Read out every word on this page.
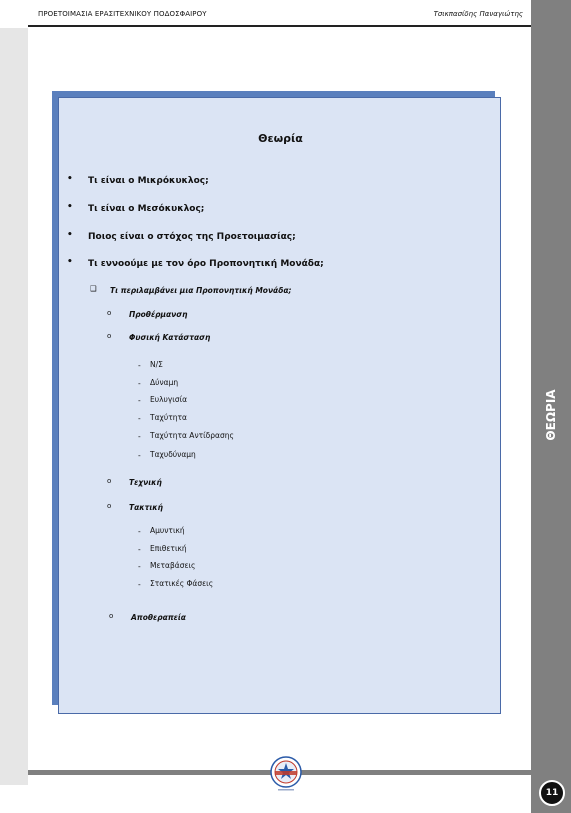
ΠΡΟΕΤΟΙΜΑΣΙΑ ΕΡΑΣΙΤΕΧΝΙΚΟΥ ΠΟΔΟΣΦΑΙΡΟΥ	Τσικπασίδης Παναγιώτης
ΘΕΩΡΙΑ
11
Θεωρία
• Τι είναι ο Μικρόκυκλος;
• Τι είναι ο Μεσόκυκλος;
• Ποιος είναι ο στόχος της Προετοιμασίας;
• Τι εννοούμε με τον όρο Προπονητική Μονάδα;
❑ Τι περιλαμβάνει μια Προπονητική Μονάδα;
o Προθέρμανση
o Φυσική Κατάσταση
- Ν/Σ
- Δύναμη
- Ευλυγισία
- Ταχύτητα
- Ταχύτητα Αντίδρασης
- Ταχυδύναμη
o Τεχνική
o Τακτική
- Αμυντική
- Επιθετική
- Μεταβάσεις
- Στατικές Φάσεις
o Αποθεραπεία
